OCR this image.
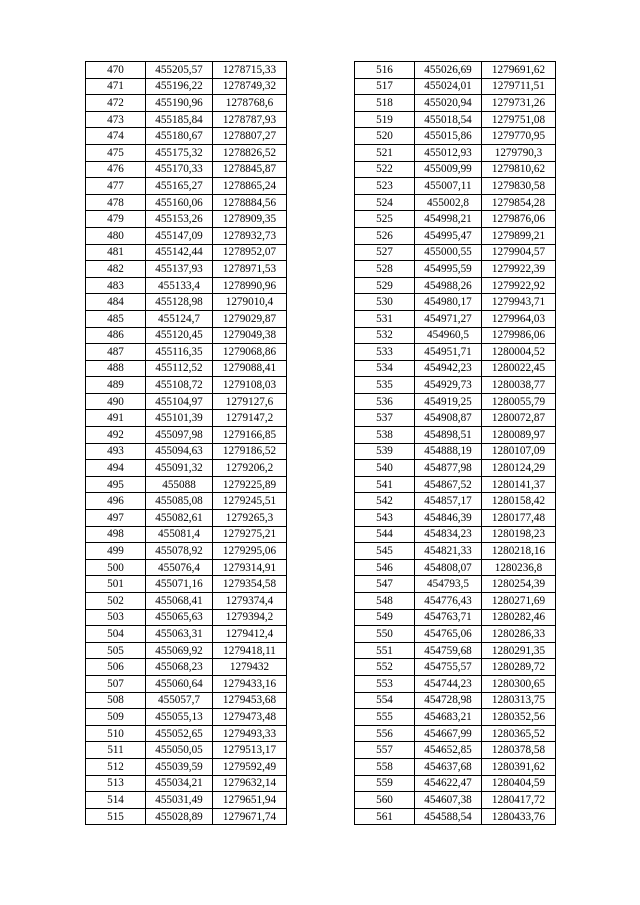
470	455205,57	1278715,33
471	455196,22	1278749,32
472	455190,96	1278768,6
473	455185,84	1278787,93
474	455180,67	1278807,27
475	455175,32	1278826,52
476	455170,33	1278845,87
477	455165,27	1278865,24
478	455160,06	1278884,56
479	455153,26	1278909,35
480	455147,09	1278932,73
481	455142,44	1278952,07
482	455137,93	1278971,53
483	455133,4	1278990,96
484	455128,98	1279010,4
485	455124,7	1279029,87
486	455120,45	1279049,38
487	455116,35	1279068,86
488	455112,52	1279088,41
489	455108,72	1279108,03
490	455104,97	1279127,6
491	455101,39	1279147,2
492	455097,98	1279166,85
493	455094,63	1279186,52
494	455091,32	1279206,2
495	455088	1279225,89
496	455085,08	1279245,51
497	455082,61	1279265,3
498	455081,4	1279275,21
499	455078,92	1279295,06
500	455076,4	1279314,91
501	455071,16	1279354,58
502	455068,41	1279374,4
503	455065,63	1279394,2
504	455063,31	1279412,4
505	455069,92	1279418,11
506	455068,23	1279432
507	455060,64	1279433,16
508	455057,7	1279453,68
509	455055,13	1279473,48
510	455052,65	1279493,33
511	455050,05	1279513,17
512	455039,59	1279592,49
513	455034,21	1279632,14
514	455031,49	1279651,94
515	455028,89	1279671,74
516	455026,69	1279691,62
517	455024,01	1279711,51
518	455020,94	1279731,26
519	455018,54	1279751,08
520	455015,86	1279770,95
521	455012,93	1279790,3
522	455009,99	1279810,62
523	455007,11	1279830,58
524	455002,8	1279854,28
525	454998,21	1279876,06
526	454995,47	1279899,21
527	455000,55	1279904,57
528	454995,59	1279922,39
529	454988,26	1279922,92
530	454980,17	1279943,71
531	454971,27	1279964,03
532	454960,5	1279986,06
533	454951,71	1280004,52
534	454942,23	1280022,45
535	454929,73	1280038,77
536	454919,25	1280055,79
537	454908,87	1280072,87
538	454898,51	1280089,97
539	454888,19	1280107,09
540	454877,98	1280124,29
541	454867,52	1280141,37
542	454857,17	1280158,42
543	454846,39	1280177,48
544	454834,23	1280198,23
545	454821,33	1280218,16
546	454808,07	1280236,8
547	454793,5	1280254,39
548	454776,43	1280271,69
549	454763,71	1280282,46
550	454765,06	1280286,33
551	454759,68	1280291,35
552	454755,57	1280289,72
553	454744,23	1280300,65
554	454728,98	1280313,75
555	454683,21	1280352,56
556	454667,99	1280365,52
557	454652,85	1280378,58
558	454637,68	1280391,62
559	454622,47	1280404,59
560	454607,38	1280417,72
561	454588,54	1280433,76
